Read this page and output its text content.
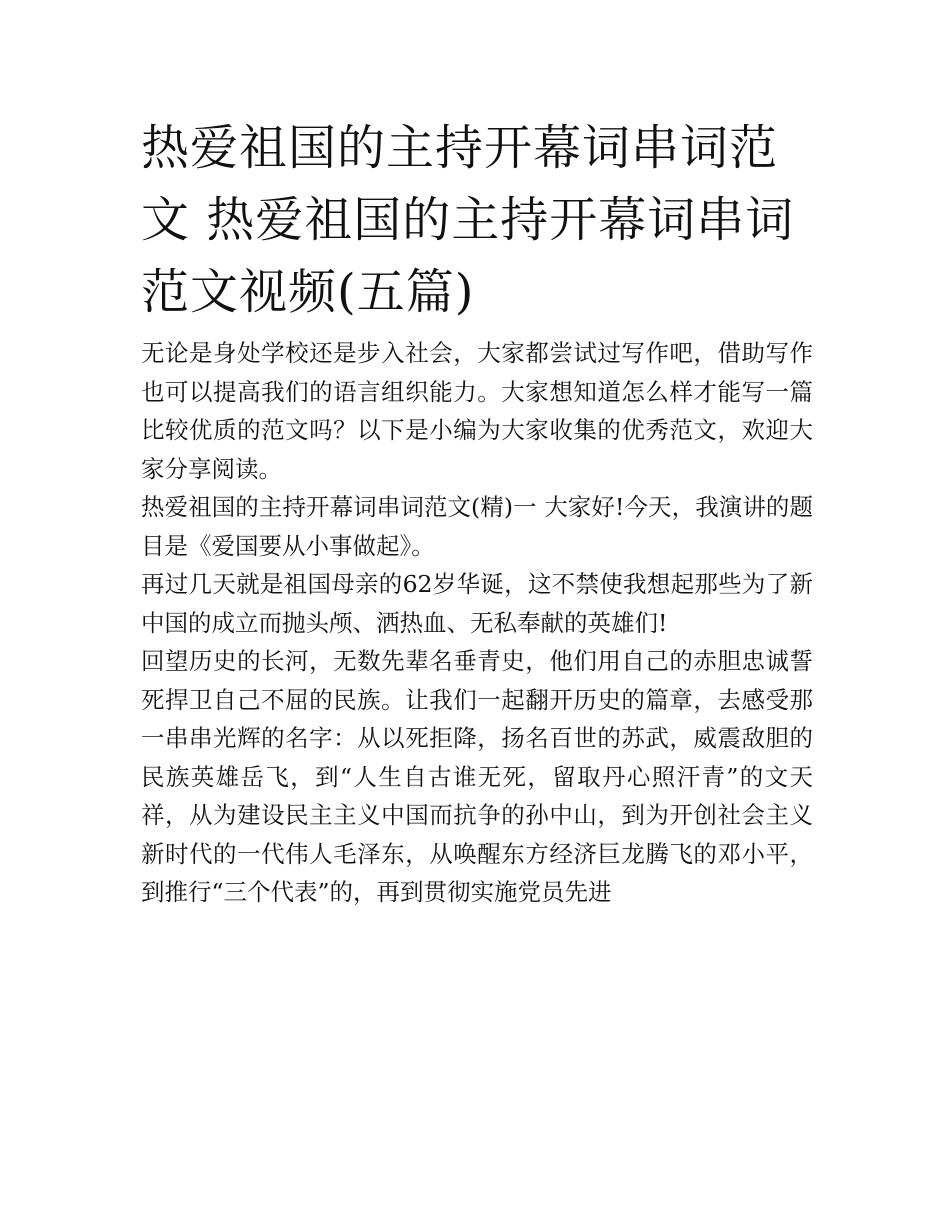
热爱祖国的主持开幕词串词范文 热爱祖国的主持开幕词串词范文视频(五篇)

无论是身处学校还是步入社会，大家都尝试过写作吧，借助写作也可以提高我们的语言组织能力。大家想知道怎么样才能写一篇比较优质的范文吗？以下是小编为大家收集的优秀范文，欢迎大家分享阅读。

热爱祖国的主持开幕词串词范文(精)一 大家好!今天，我演讲的题目是《爱国要从小事做起》。

再过几天就是祖国母亲的62岁华诞，这不禁使我想起那些为了新中国的成立而抛头颅、洒热血、无私奉献的英雄们!

回望历史的长河，无数先辈名垂青史，他们用自己的赤胆忠诚誓死捍卫自己不屈的民族。让我们一起翻开历史的篇章，去感受那一串串光辉的名字：从以死拒降，扬名百世的苏武，威震敌胆的民族英雄岳飞，到“人生自古谁无死，留取丹心照汗青”的文天祥，从为建设民主主义中国而抗争的孙中山，到为开创社会主义新时代的一代伟人毛泽东，从唤醒东方经济巨龙腾飞的邓小平，到推行“三个代表”的，再到贯彻实施党员先进
